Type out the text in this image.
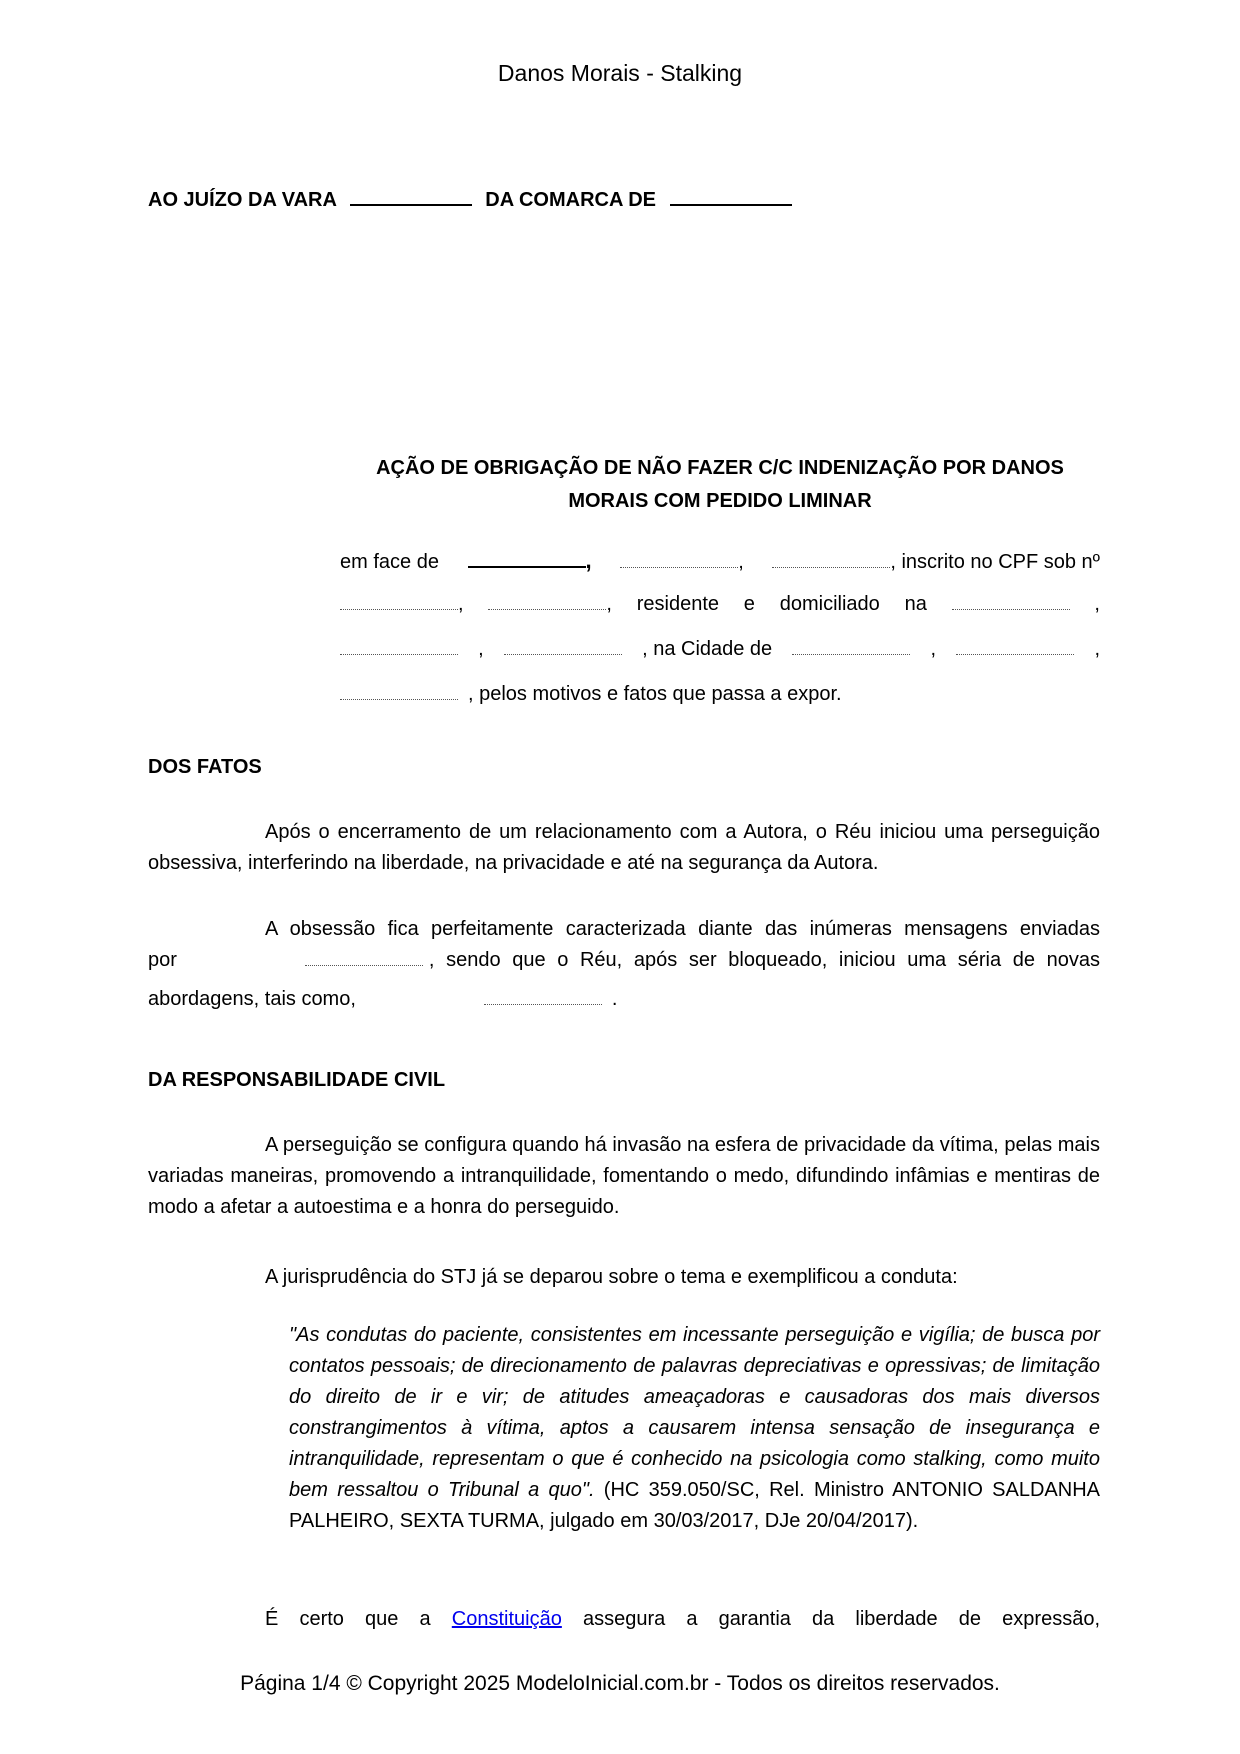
Danos Morais - Stalking
AO JUÍZO DA VARA	DA COMARCA DE
AÇÃO DE OBRIGAÇÃO DE NÃO FAZER C/C INDENIZAÇÃO POR DANOS
MORAIS COM PEDIDO LIMINAR
em face de	,	,	, inscrito no CPF sob nº
,	, residente e domiciliado na	,
,	, na Cidade de	,	,
, pelos motivos e fatos que passa a expor.
DOS FATOS
Após o encerramento de um relacionamento com a Autora, o Réu iniciou uma perseguição obsessiva, interferindo na liberdade, na privacidade e até na segurança da Autora.
A obsessão fica perfeitamente caracterizada diante das inúmeras mensagens enviadas
por	, sendo que o Réu, após ser bloqueado, iniciou uma séria de novas
abordagens, tais como,	.
DA RESPONSABILIDADE CIVIL
A perseguição se configura quando há invasão na esfera de privacidade da vítima, pelas mais variadas maneiras, promovendo a intranquilidade, fomentando o medo, difundindo infâmias e mentiras de modo a afetar a autoestima e a honra do perseguido.
A jurisprudência do STJ já se deparou sobre o tema e exemplificou a conduta:
"As condutas do paciente, consistentes em incessante perseguição e vigília; de busca por contatos pessoais; de direcionamento de palavras depreciativas e opressivas; de limitação do direito de ir e vir; de atitudes ameaçadoras e causadoras dos mais diversos constrangimentos à vítima, aptos a causarem intensa sensação de insegurança e intranquilidade, representam o que é conhecido na psicologia como stalking, como muito bem ressaltou o Tribunal a quo". (HC 359.050/SC, Rel. Ministro ANTONIO SALDANHA PALHEIRO, SEXTA TURMA, julgado em 30/03/2017, DJe 20/04/2017).
É certo que a Constituição assegura a garantia da liberdade de expressão,
Página 1/4 © Copyright 2025 ModeloInicial.com.br - Todos os direitos reservados.
